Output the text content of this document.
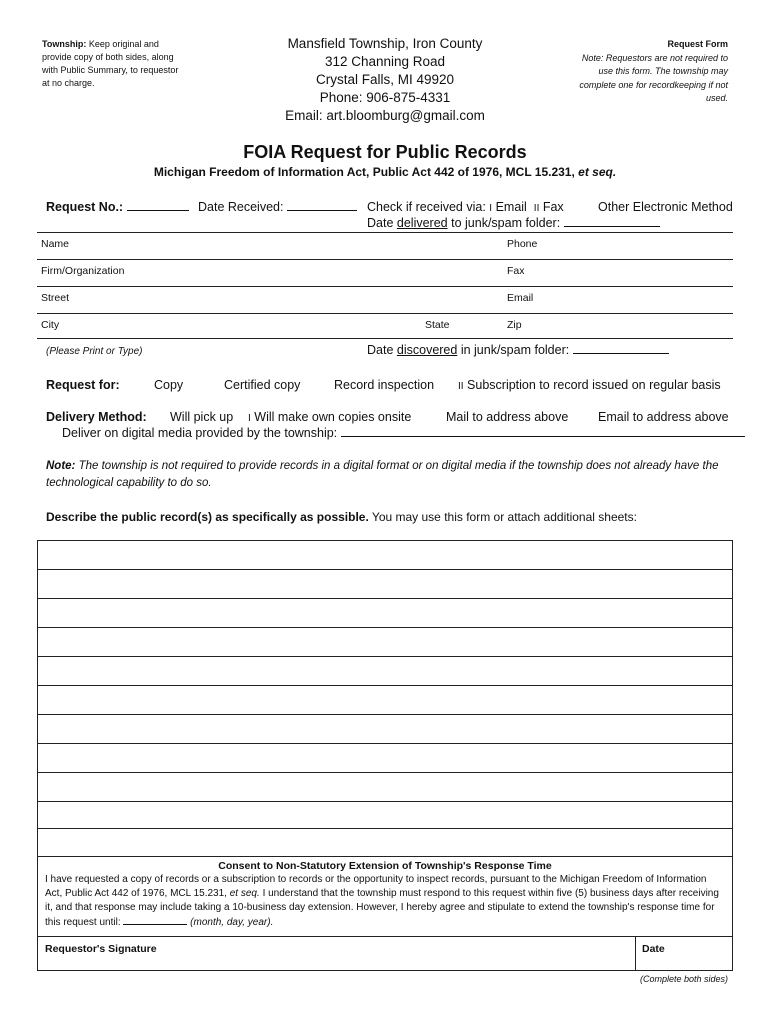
Township: Keep original and provide copy of both sides, along with Public Summary, to requestor at no charge.
Mansfield Township, Iron County
312 Channing Road
Crystal Falls, MI 49920
Phone: 906-875-4331
Email: art.bloomburg@gmail.com
Request Form
Note: Requestors are not required to use this form. The township may complete one for recordkeeping if not used.
FOIA Request for Public Records
Michigan Freedom of Information Act, Public Act 442 of 1976, MCL 15.231, et seq.
Request No.:	Date Received:	Check if received via: I Email II Fax	Other Electronic Method
Date delivered to junk/spam folder:
Name	Phone
Firm/Organization	Fax
Street	Email
City	State	Zip
(Please Print or Type)	Date discovered in junk/spam folder:
Request for:	Copy	Certified copy	Record inspection II Subscription to record issued on regular basis
Delivery Method: Will pick up I Will make own copies onsite	Mail to address above Email to address above
Deliver on digital media provided by the township:
Note: The township is not required to provide records in a digital format or on digital media if the township does not already have the technological capability to do so.
Describe the public record(s) as specifically as possible. You may use this form or attach additional sheets:
Consent to Non-Statutory Extension of Township's Response Time
I have requested a copy of records or a subscription to records or the opportunity to inspect records, pursuant to the Michigan Freedom of Information Act, Public Act 442 of 1976, MCL 15.231, et seq. I understand that the township must respond to this request within five (5) business days after receiving it, and that response may include taking a 10-business day extension. However, I hereby agree and stipulate to extend the township's response time for this request until:	(month, day, year).
Requestor's Signature	Date
(Complete both sides)
